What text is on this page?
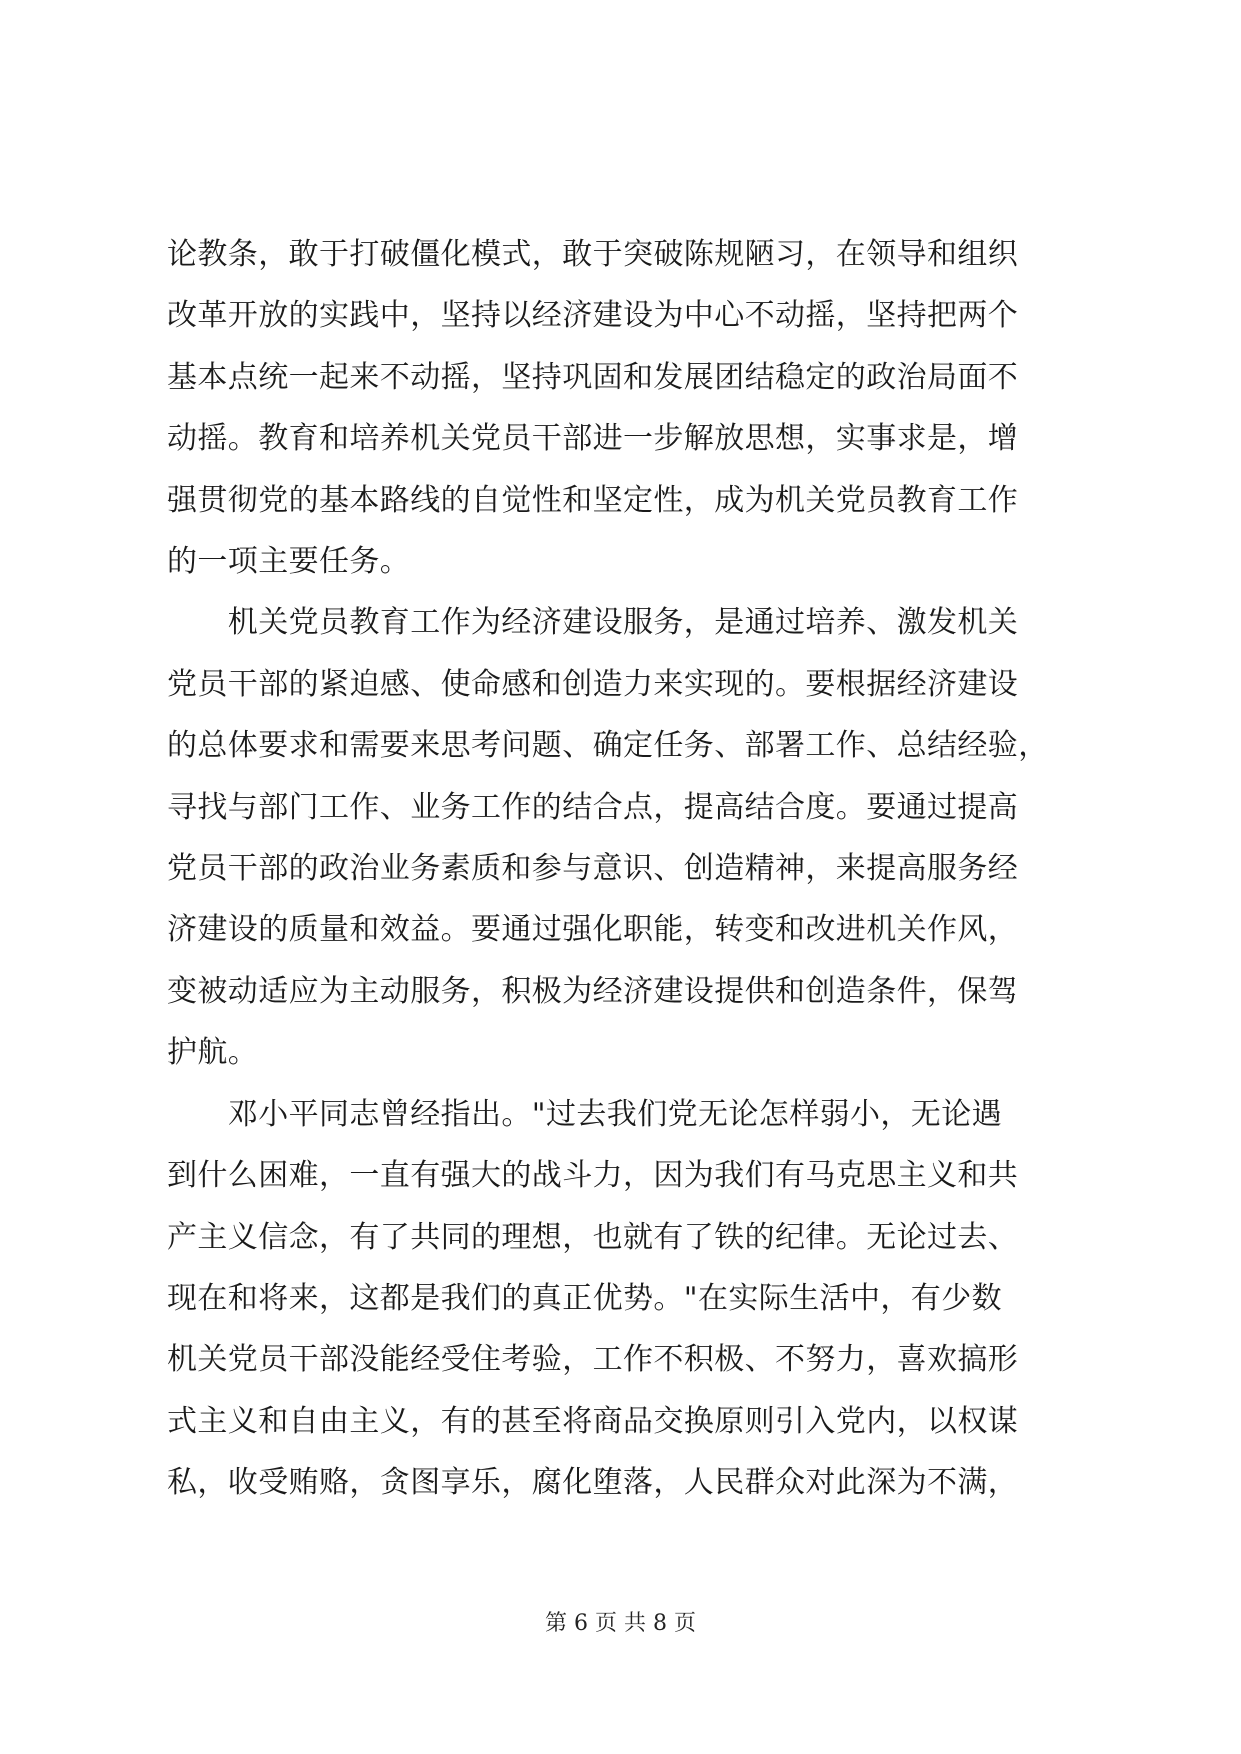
论教条，敢于打破僵化模式，敢于突破陈规陋习，在领导和组织
改革开放的实践中，坚持以经济建设为中心不动摇，坚持把两个
基本点统一起来不动摇，坚持巩固和发展团结稳定的政治局面不
动摇。教育和培养机关党员干部进一步解放思想，实事求是，增
强贯彻党的基本路线的自觉性和坚定性，成为机关党员教育工作
的一项主要任务。

　　机关党员教育工作为经济建设服务，是通过培养、激发机关
党员干部的紧迫感、使命感和创造力来实现的。要根据经济建设
的总体要求和需要来思考问题、确定任务、部署工作、总结经验，
寻找与部门工作、业务工作的结合点，提高结合度。要通过提高
党员干部的政治业务素质和参与意识、创造精神，来提高服务经
济建设的质量和效益。要通过强化职能，转变和改进机关作风，
变被动适应为主动服务，积极为经济建设提供和创造条件，保驾
护航。

　　邓小平同志曾经指出。"过去我们党无论怎样弱小，无论遇
到什么困难，一直有强大的战斗力，因为我们有马克思主义和共
产主义信念，有了共同的理想，也就有了铁的纪律。无论过去、
现在和将来，这都是我们的真正优势。"在实际生活中，有少数
机关党员干部没能经受住考验，工作不积极、不努力，喜欢搞形
式主义和自由主义，有的甚至将商品交换原则引入党内，以权谋
私，收受贿赂，贪图享乐，腐化堕落，人民群众对此深为不满，

第 6 页 共 8 页
